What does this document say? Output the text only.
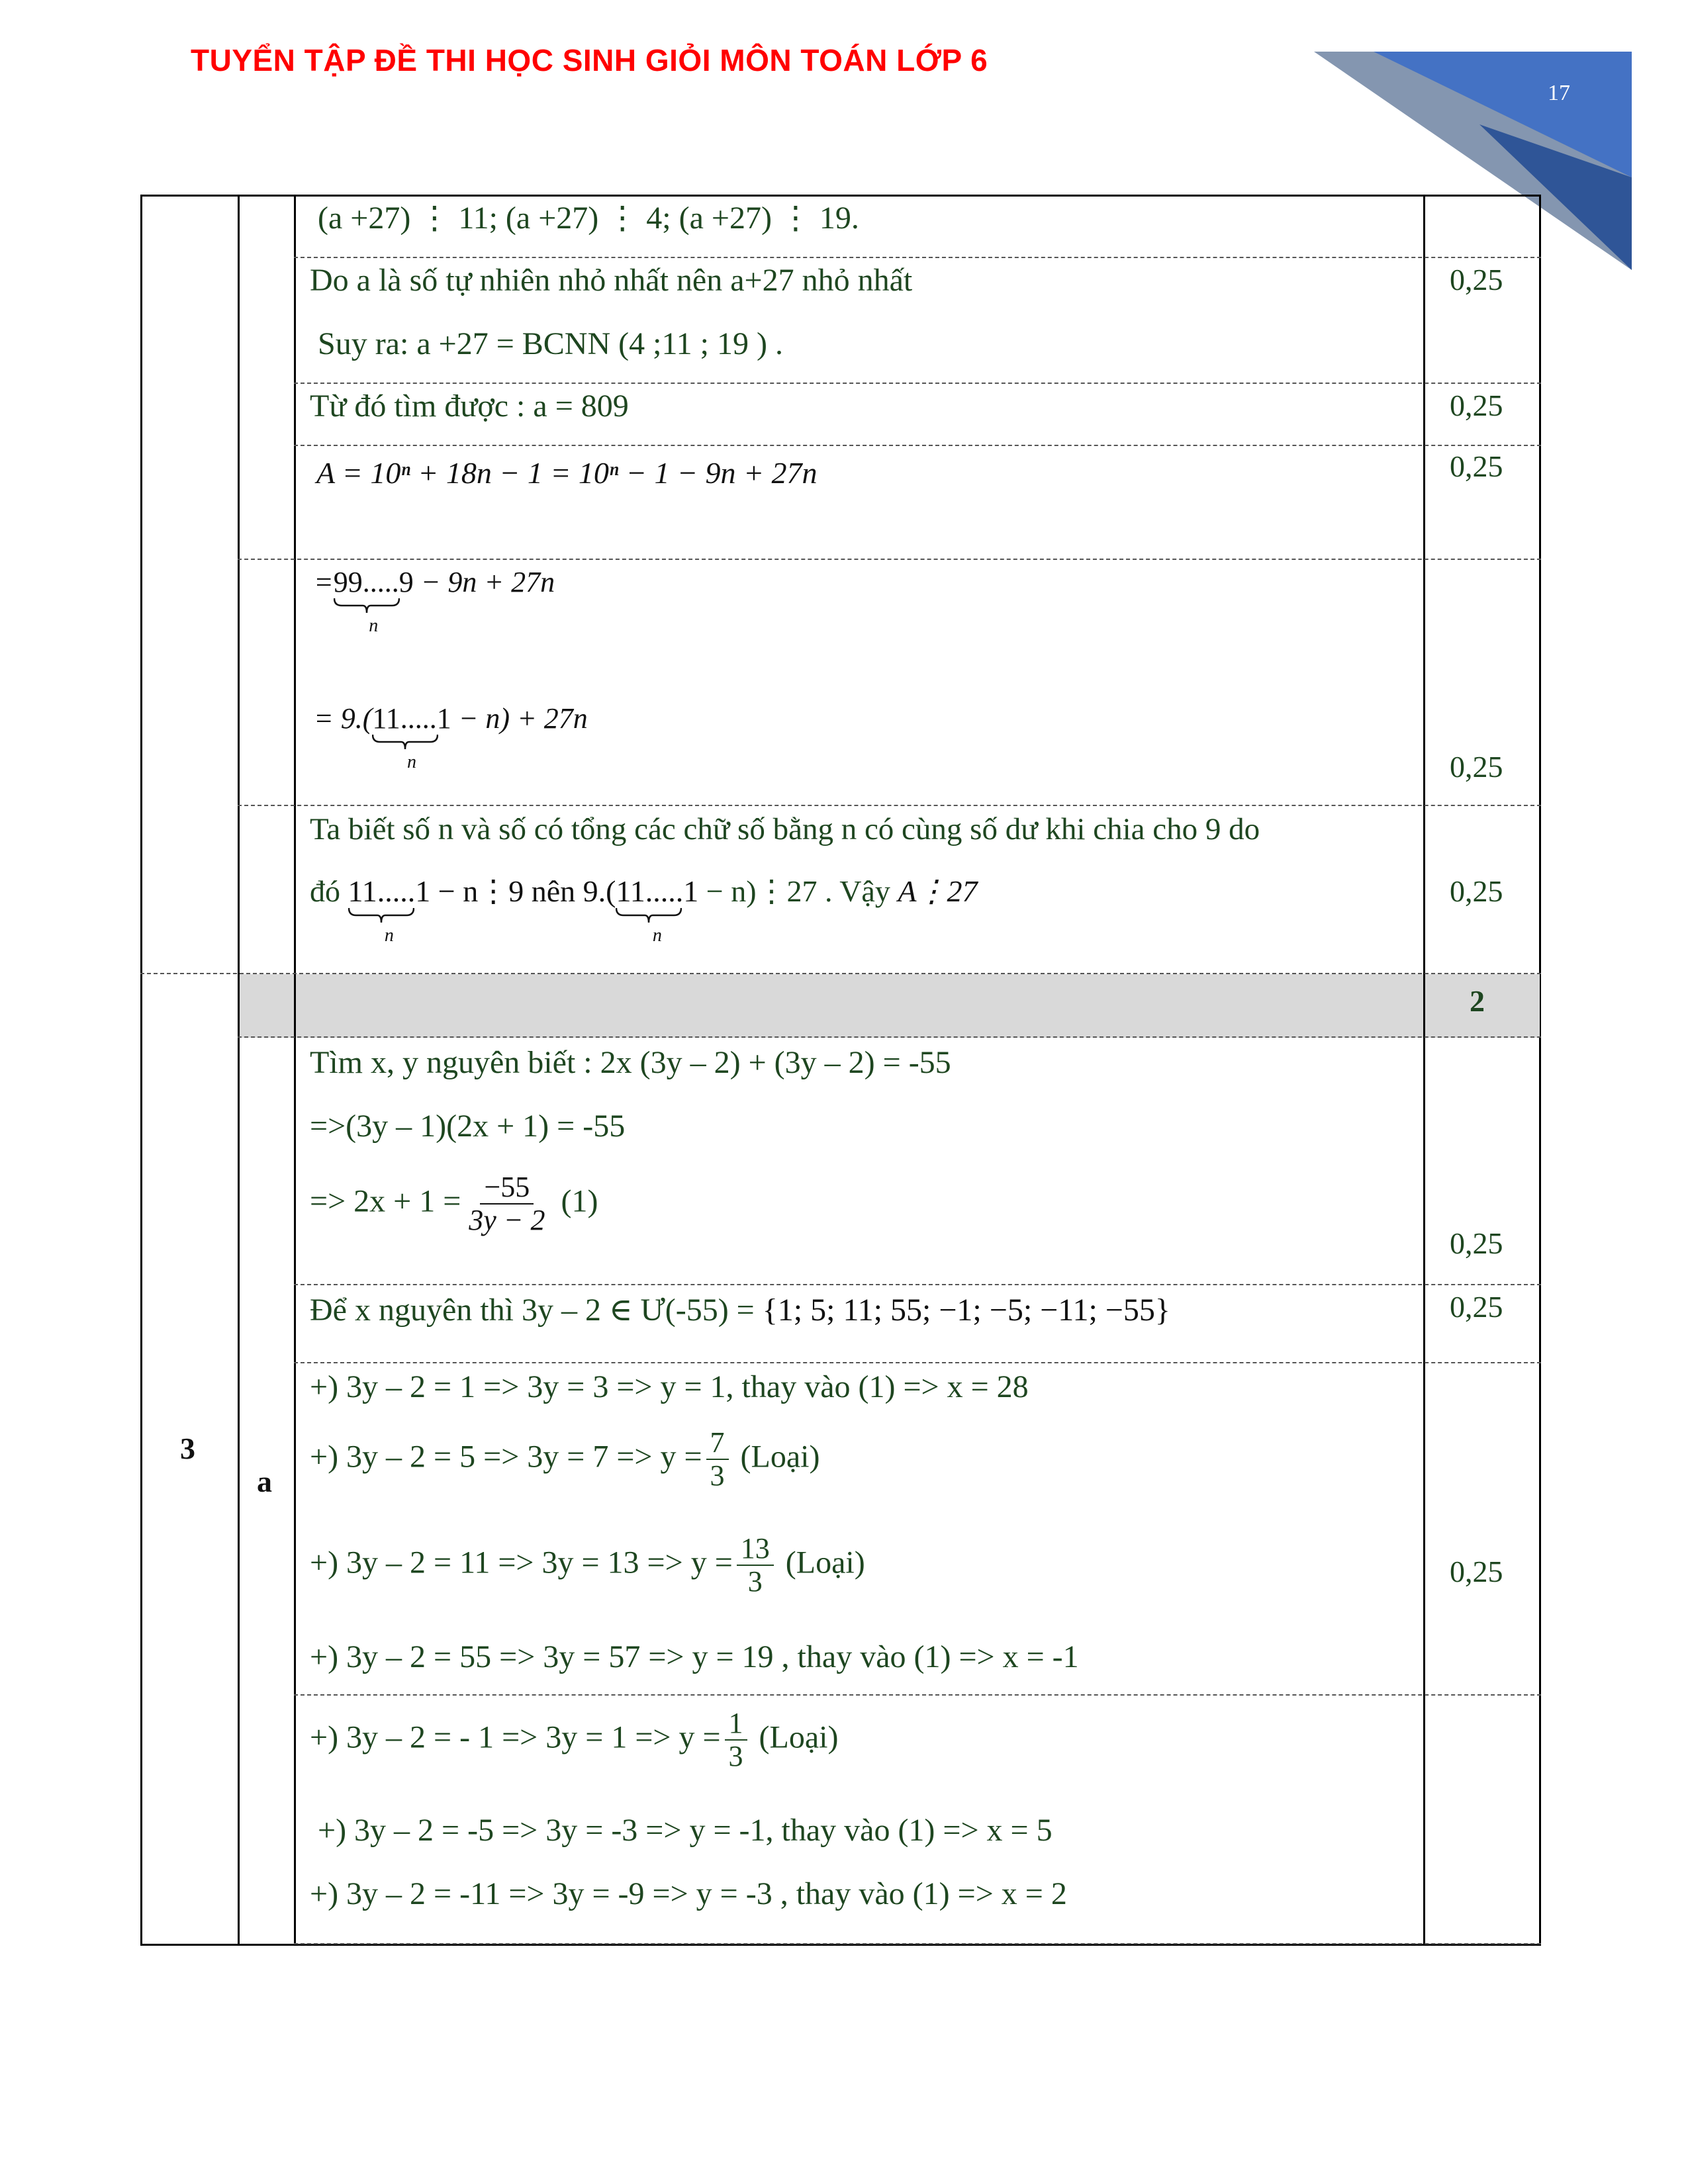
TUYỂN TẬP ĐỀ THI HỌC SINH GIỎI MÔN TOÁN LỚP 6
17
3
a
(a +27) ⋮ 11; (a +27) ⋮ 4; (a +27) ⋮ 19.
Do a là số tự nhiên nhỏ nhất nên a+27 nhỏ nhất
Suy ra: a +27 = BCNN (4 ;11 ; 19 ) .
0,25
Từ đó tìm được : a = 809	0,25
A = 10ⁿ + 18n − 1 = 10ⁿ − 1 − 9n + 27n	0,25
=99.....9
n
− 9n + 27n
= 9.(11.....1
n
− n) + 27n
0,25
Ta biết số n và số có tổng các chữ số bằng n có cùng số dư khi chia cho 9 do
đó 11.....1
n
− n⋮9 nên 9.(11.....1
n
− n)⋮27 . Vậy A⋮27	0,25
2
Tìm x, y nguyên biết : 2x (3y – 2) + (3y – 2) = -55
=>(3y – 1)(2x + 1) = -55
=> $2x + 1 = \frac{-55}{3y - 2} (1)$
0,25
Để x nguyên thì 3y – 2 ∈ Ư(-55) = {1; 5; 11; 55; −1; −5; −11; −55}	0,25
+) 3y – 2 = 1 => 3y = 3 => y = 1, thay vào (1) => x = 28
+) $3y - 2 = 5 => 3y = 7 => y = \frac{7}{3}$ (Loại)
+) $3y - 2 = 11 => 3y = 13 => y = \frac{13}{3}$ (Loại)
+) 3y – 2 = 55 => 3y = 57 => y = 19 , thay vào (1) => x = -1
0,25
+) 3y – 2 = - $1 => 3y = 1 => y = \frac{1}{3}$ (Loại)
+) 3y – 2 = -5 => 3y = -3 => y = -1, thay vào (1) => x = 5
+) 3y – 2 = -11 => 3y = -9 => y = -3 , thay vào (1) => x = 2
